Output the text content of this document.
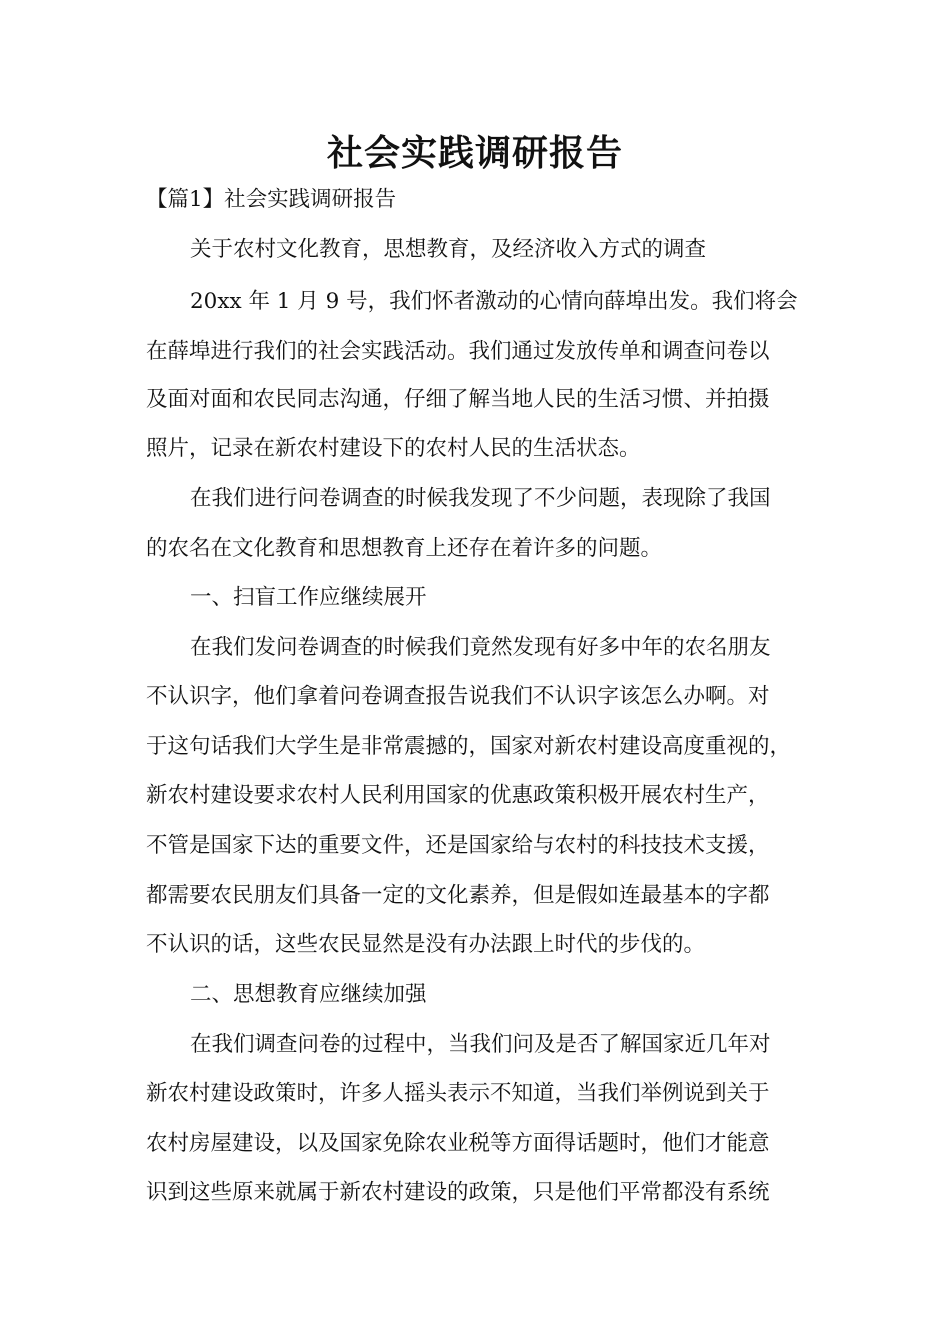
社会实践调研报告
【篇1】社会实践调研报告
关于农村文化教育，思想教育，及经济收入方式的调查
20xx 年 1 月 9 号，我们怀者激动的心情向薛埠出发。我们将会
在薛埠进行我们的社会实践活动。我们通过发放传单和调查问卷以
及面对面和农民同志沟通，仔细了解当地人民的生活习惯、并拍摄
照片，记录在新农村建设下的农村人民的生活状态。
在我们进行问卷调查的时候我发现了不少问题，表现除了我国
的农名在文化教育和思想教育上还存在着许多的问题。
一、扫盲工作应继续展开
在我们发问卷调查的时候我们竟然发现有好多中年的农名朋友
不认识字，他们拿着问卷调查报告说我们不认识字该怎么办啊。对
于这句话我们大学生是非常震撼的，国家对新农村建设高度重视的，
新农村建设要求农村人民利用国家的优惠政策积极开展农村生产，
不管是国家下达的重要文件，还是国家给与农村的科技技术支援，
都需要农民朋友们具备一定的文化素养，但是假如连最基本的字都
不认识的话，这些农民显然是没有办法跟上时代的步伐的。
二、思想教育应继续加强
在我们调查问卷的过程中，当我们问及是否了解国家近几年对
新农村建设政策时，许多人摇头表示不知道，当我们举例说到关于
农村房屋建设，以及国家免除农业税等方面得话题时，他们才能意
识到这些原来就属于新农村建设的政策，只是他们平常都没有系统
